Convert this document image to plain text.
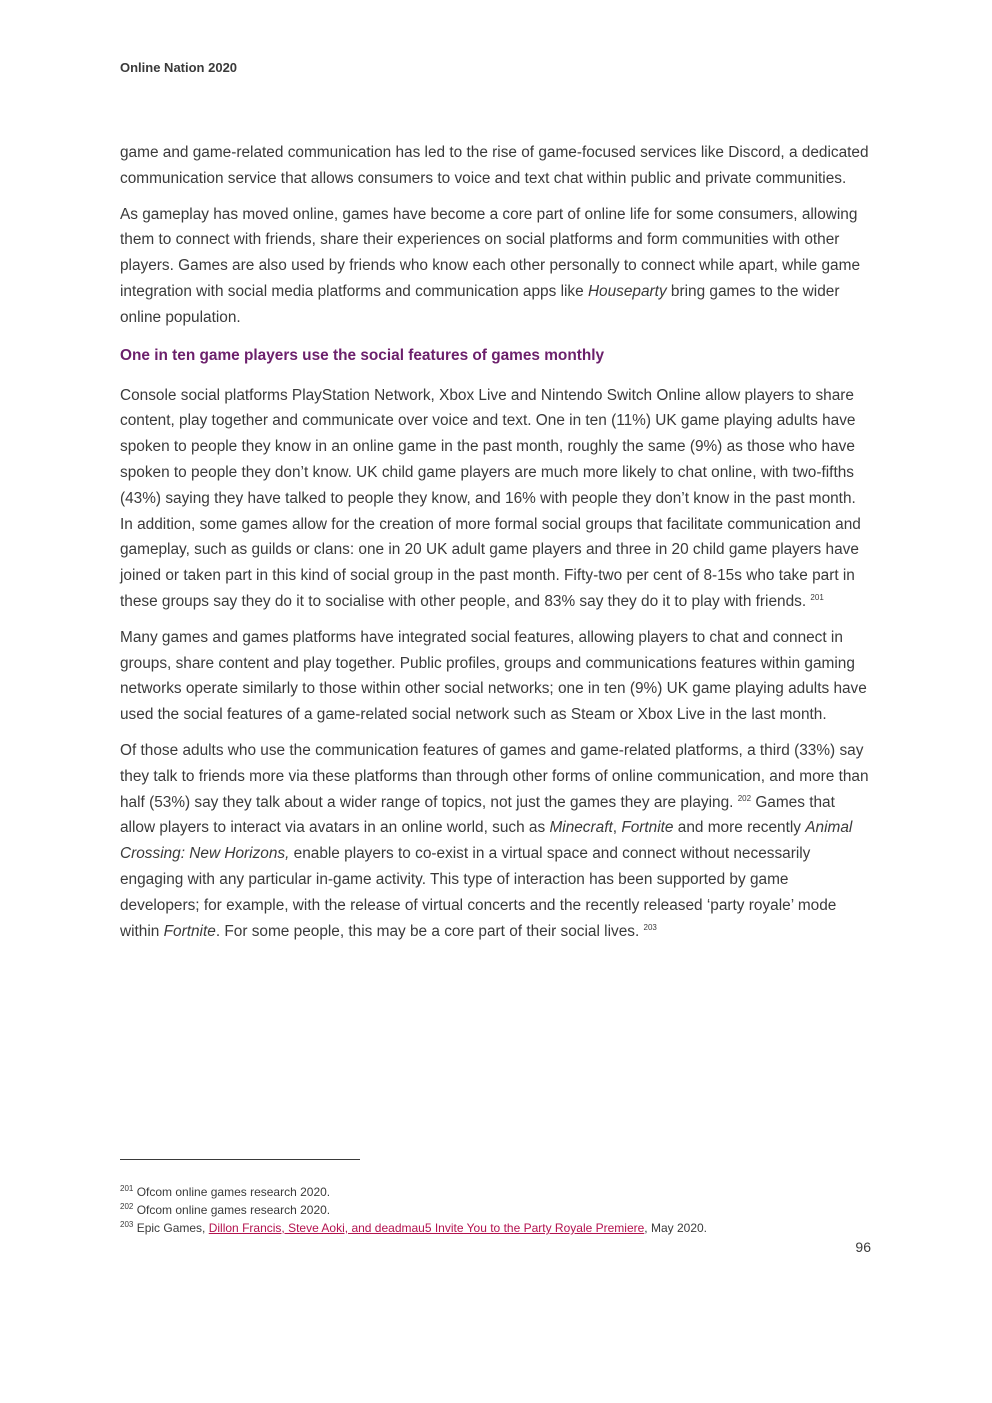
Online Nation 2020

game and game-related communication has led to the rise of game-focused services like Discord, a dedicated communication service that allows consumers to voice and text chat within public and private communities.

As gameplay has moved online, games have become a core part of online life for some consumers, allowing them to connect with friends, share their experiences on social platforms and form communities with other players. Games are also used by friends who know each other personally to connect while apart, while game integration with social media platforms and communication apps like Houseparty bring games to the wider online population.

One in ten game players use the social features of games monthly

Console social platforms PlayStation Network, Xbox Live and Nintendo Switch Online allow players to share content, play together and communicate over voice and text. One in ten (11%) UK game playing adults have spoken to people they know in an online game in the past month, roughly the same (9%) as those who have spoken to people they don’t know. UK child game players are much more likely to chat online, with two-fifths (43%) saying they have talked to people they know, and 16% with people they don’t know in the past month. In addition, some games allow for the creation of more formal social groups that facilitate communication and gameplay, such as guilds or clans: one in 20 UK adult game players and three in 20 child game players have joined or taken part in this kind of social group in the past month. Fifty-two per cent of 8-15s who take part in these groups say they do it to socialise with other people, and 83% say they do it to play with friends. $^{201}$

Many games and games platforms have integrated social features, allowing players to chat and connect in groups, share content and play together. Public profiles, groups and communications features within gaming networks operate similarly to those within other social networks; one in ten (9%) UK game playing adults have used the social features of a game-related social network such as Steam or Xbox Live in the last month.

Of those adults who use the communication features of games and game-related platforms, a third (33%) say they talk to friends more via these platforms than through other forms of online communication, and more than half (53%) say they talk about a wider range of topics, not just the games they are playing. $^{202}$ Games that allow players to interact via avatars in an online world, such as Minecraft, Fortnite and more recently Animal Crossing: New Horizons, enable players to co-exist in a virtual space and connect without necessarily engaging with any particular in-game activity. This type of interaction has been supported by game developers; for example, with the release of virtual concerts and the recently released ‘party royale’ mode within Fortnite. For some people, this may be a core part of their social lives. $^{203}$

$^{201}$ Ofcom online games research 2020.
$^{202}$ Ofcom online games research 2020.
$^{203}$ Epic Games, Dillon Francis, Steve Aoki, and deadmau5 Invite You to the Party Royale Premiere, May 2020.
96
